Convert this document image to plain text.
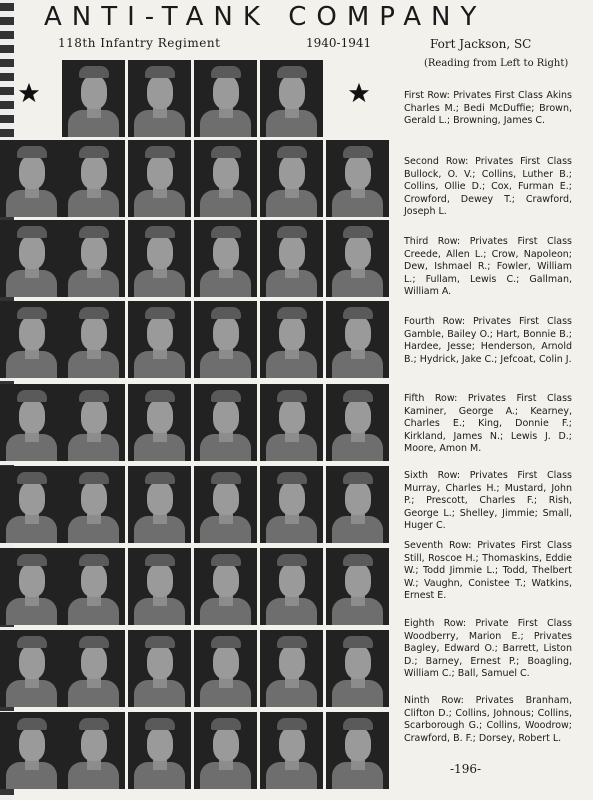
ANTI-TANK COMPANY
118th Infantry Regiment	1940-1941	Fort Jackson, SC
(Reading from Left to Right)

First Row: Privates First Class Akins Charles M.; Bedi McDuffie; Brown, Gerald L.; Browning, James C.

Second Row: Privates First Class Bullock, O. V.; Collins, Luther B.; Collins, Ollie D.; Cox, Furman E.; Crowford, Dewey T.; Crawford, Joseph L.

Third Row: Privates First Class Creede, Allen L.; Crow, Napoleon; Dew, Ishmael R.; Fowler, William L.; Fullam, Lewis C.; Gallman, William A.

Fourth Row: Privates First Class Gamble, Bailey O.; Hart, Bonnie B.; Hardee, Jesse; Henderson, Arnold B.; Hydrick, Jake C.; Jefcoat, Colin J.

Fifth Row: Privates First Class Kaminer, George A.; Kearney, Charles E.; King, Donnie F.; Kirkland, James N.; Lewis J. D.; Moore, Amon M.

Sixth Row: Privates First Class Murray, Charles H.; Mustard, John P.; Prescott, Charles F.; Rish, George L.; Shelley, Jimmie; Small, Huger C.

Seventh Row: Privates First Class Still, Roscoe H.; Thomaskins, Eddie W.; Todd Jimmie L.; Todd, Thelbert W.; Vaughn, Conistee T.; Watkins, Ernest E.

Eighth Row: Private First Class Woodberry, Marion E.; Privates Bagley, Edward O.; Barrett, Liston D.; Barney, Ernest P.; Boagling, William C.; Ball, Samuel C.

Ninth Row: Privates Branham, Clifton D.; Collins, Johnous; Collins, Scarborough G.; Collins, Woodrow; Crawford, B. F.; Dorsey, Robert L.

-196-
